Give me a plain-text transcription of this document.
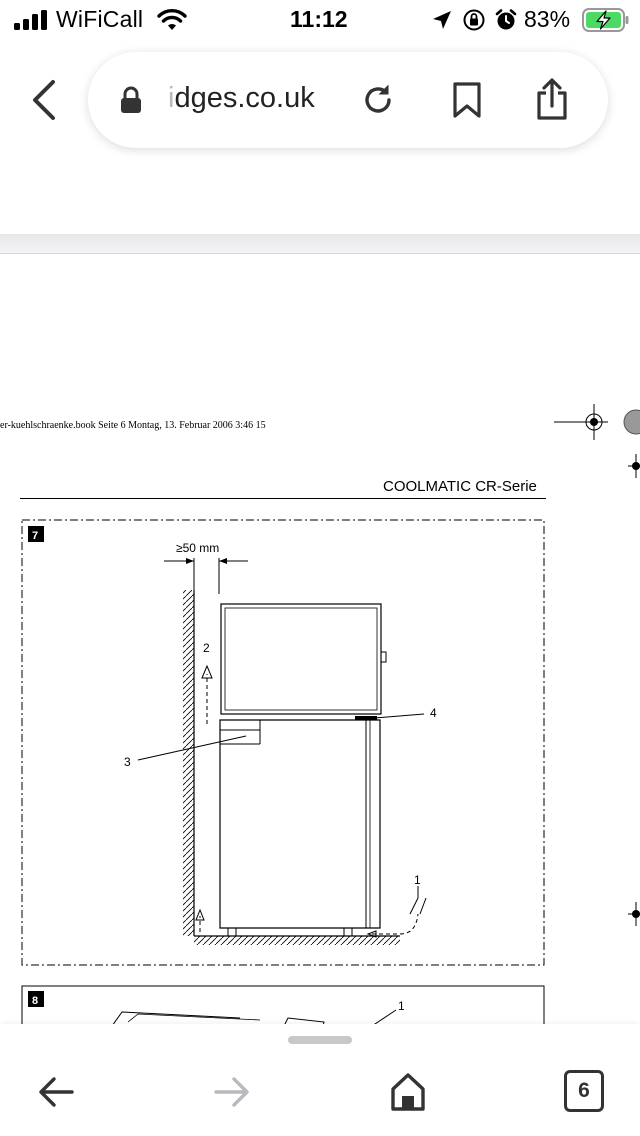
WiFiCall	11:12	83%
idges.co.uk
er-kuehlschraenke.book Seite 6 Montag, 13. Februar 2006 3:46 15
COOLMATIC CR-Serie
7
≥50 mm
2
3
4
1
8	1
6
